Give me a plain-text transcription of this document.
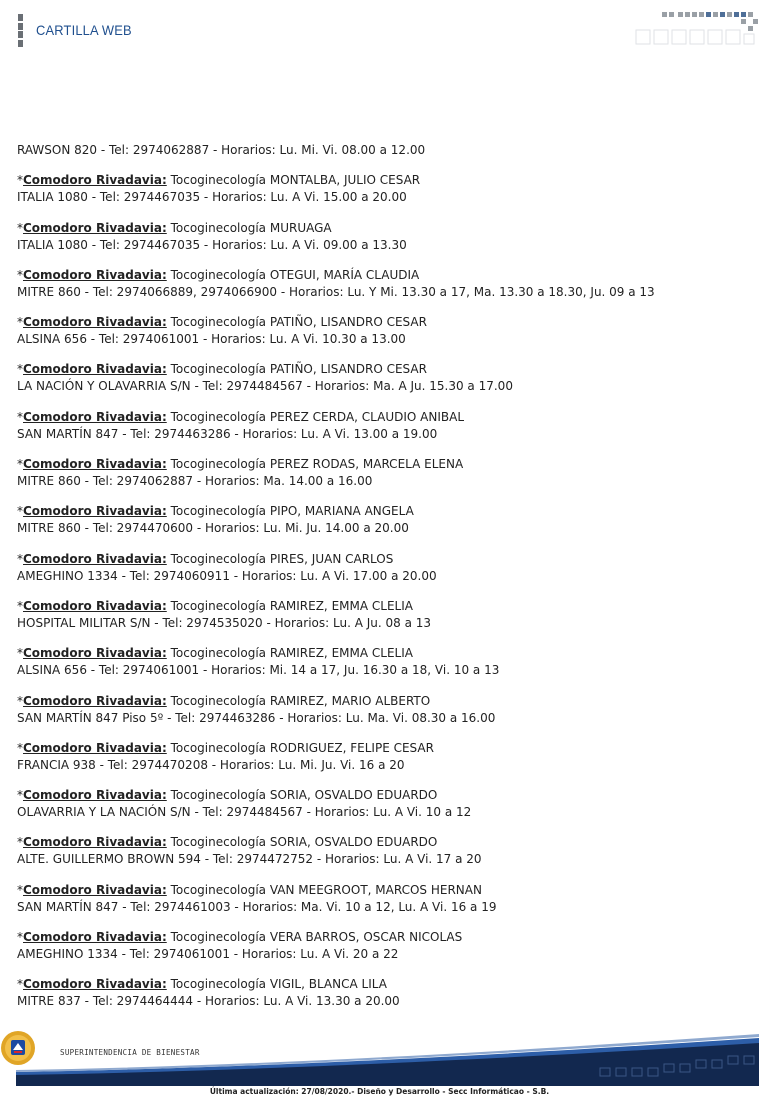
CARTILLA WEB
RAWSON 820 - Tel: 2974062887 - Horarios: Lu. Mi. Vi. 08.00 a 12.00
*Comodoro Rivadavia: Tocoginecología MONTALBA, JULIO CESAR
ITALIA 1080 - Tel: 2974467035 - Horarios: Lu. A Vi. 15.00 a 20.00
*Comodoro Rivadavia: Tocoginecología MURUAGA
ITALIA 1080 - Tel: 2974467035 - Horarios: Lu. A Vi. 09.00 a 13.30
*Comodoro Rivadavia: Tocoginecología OTEGUI, MARÍA CLAUDIA
MITRE 860 - Tel: 2974066889, 2974066900 - Horarios: Lu. Y Mi. 13.30 a 17, Ma. 13.30 a 18.30, Ju. 09 a 13
*Comodoro Rivadavia: Tocoginecología PATIÑO, LISANDRO CESAR
ALSINA 656 - Tel: 2974061001 - Horarios: Lu. A Vi. 10.30 a 13.00
*Comodoro Rivadavia: Tocoginecología PATIÑO, LISANDRO CESAR
LA NACIÓN Y OLAVARRIA S/N - Tel: 2974484567 - Horarios: Ma. A Ju. 15.30 a 17.00
*Comodoro Rivadavia: Tocoginecología PEREZ CERDA, CLAUDIO ANIBAL
SAN MARTÍN 847 - Tel: 2974463286 - Horarios: Lu. A Vi. 13.00 a 19.00
*Comodoro Rivadavia: Tocoginecología PEREZ RODAS, MARCELA ELENA
MITRE 860 - Tel: 2974062887 - Horarios: Ma. 14.00 a 16.00
*Comodoro Rivadavia: Tocoginecología PIPO, MARIANA ANGELA
MITRE 860 - Tel: 2974470600 - Horarios: Lu. Mi. Ju. 14.00 a 20.00
*Comodoro Rivadavia: Tocoginecología PIRES, JUAN CARLOS
AMEGHINO 1334 - Tel: 2974060911 - Horarios: Lu. A Vi. 17.00 a 20.00
*Comodoro Rivadavia: Tocoginecología RAMIREZ, EMMA CLELIA
HOSPITAL MILITAR S/N - Tel: 2974535020 - Horarios: Lu. A Ju. 08 a 13
*Comodoro Rivadavia: Tocoginecología RAMIREZ, EMMA CLELIA
ALSINA 656 - Tel: 2974061001 - Horarios: Mi. 14 a 17, Ju. 16.30 a 18, Vi. 10 a 13
*Comodoro Rivadavia: Tocoginecología RAMIREZ, MARIO ALBERTO
SAN MARTÍN 847 Piso 5º - Tel: 2974463286 - Horarios: Lu. Ma. Vi. 08.30 a 16.00
*Comodoro Rivadavia: Tocoginecología RODRIGUEZ, FELIPE CESAR
FRANCIA 938 - Tel: 2974470208 - Horarios: Lu. Mi. Ju. Vi. 16 a 20
*Comodoro Rivadavia: Tocoginecología SORIA, OSVALDO EDUARDO
OLAVARRIA Y LA NACIÓN S/N - Tel: 2974484567 - Horarios: Lu. A Vi. 10 a 12
*Comodoro Rivadavia: Tocoginecología SORIA, OSVALDO EDUARDO
ALTE. GUILLERMO BROWN 594 - Tel: 2974472752 - Horarios: Lu. A Vi. 17 a 20
*Comodoro Rivadavia: Tocoginecología VAN MEEGROOT, MARCOS HERNAN
SAN MARTÍN 847 - Tel: 2974461003 - Horarios: Ma. Vi. 10 a 12, Lu. A Vi. 16 a 19
*Comodoro Rivadavia: Tocoginecología VERA BARROS, OSCAR NICOLAS
AMEGHINO 1334 - Tel: 2974061001 - Horarios: Lu. A Vi. 20 a 22
*Comodoro Rivadavia: Tocoginecología VIGIL, BLANCA LILA
MITRE 837 - Tel: 2974464444 - Horarios: Lu. A Vi. 13.30 a 20.00
SUPERINTENDENCIA DE BIENESTAR
Última actualización: 27/08/2020.- Diseño y Desarrollo - Secc Informáticao - S.B.
